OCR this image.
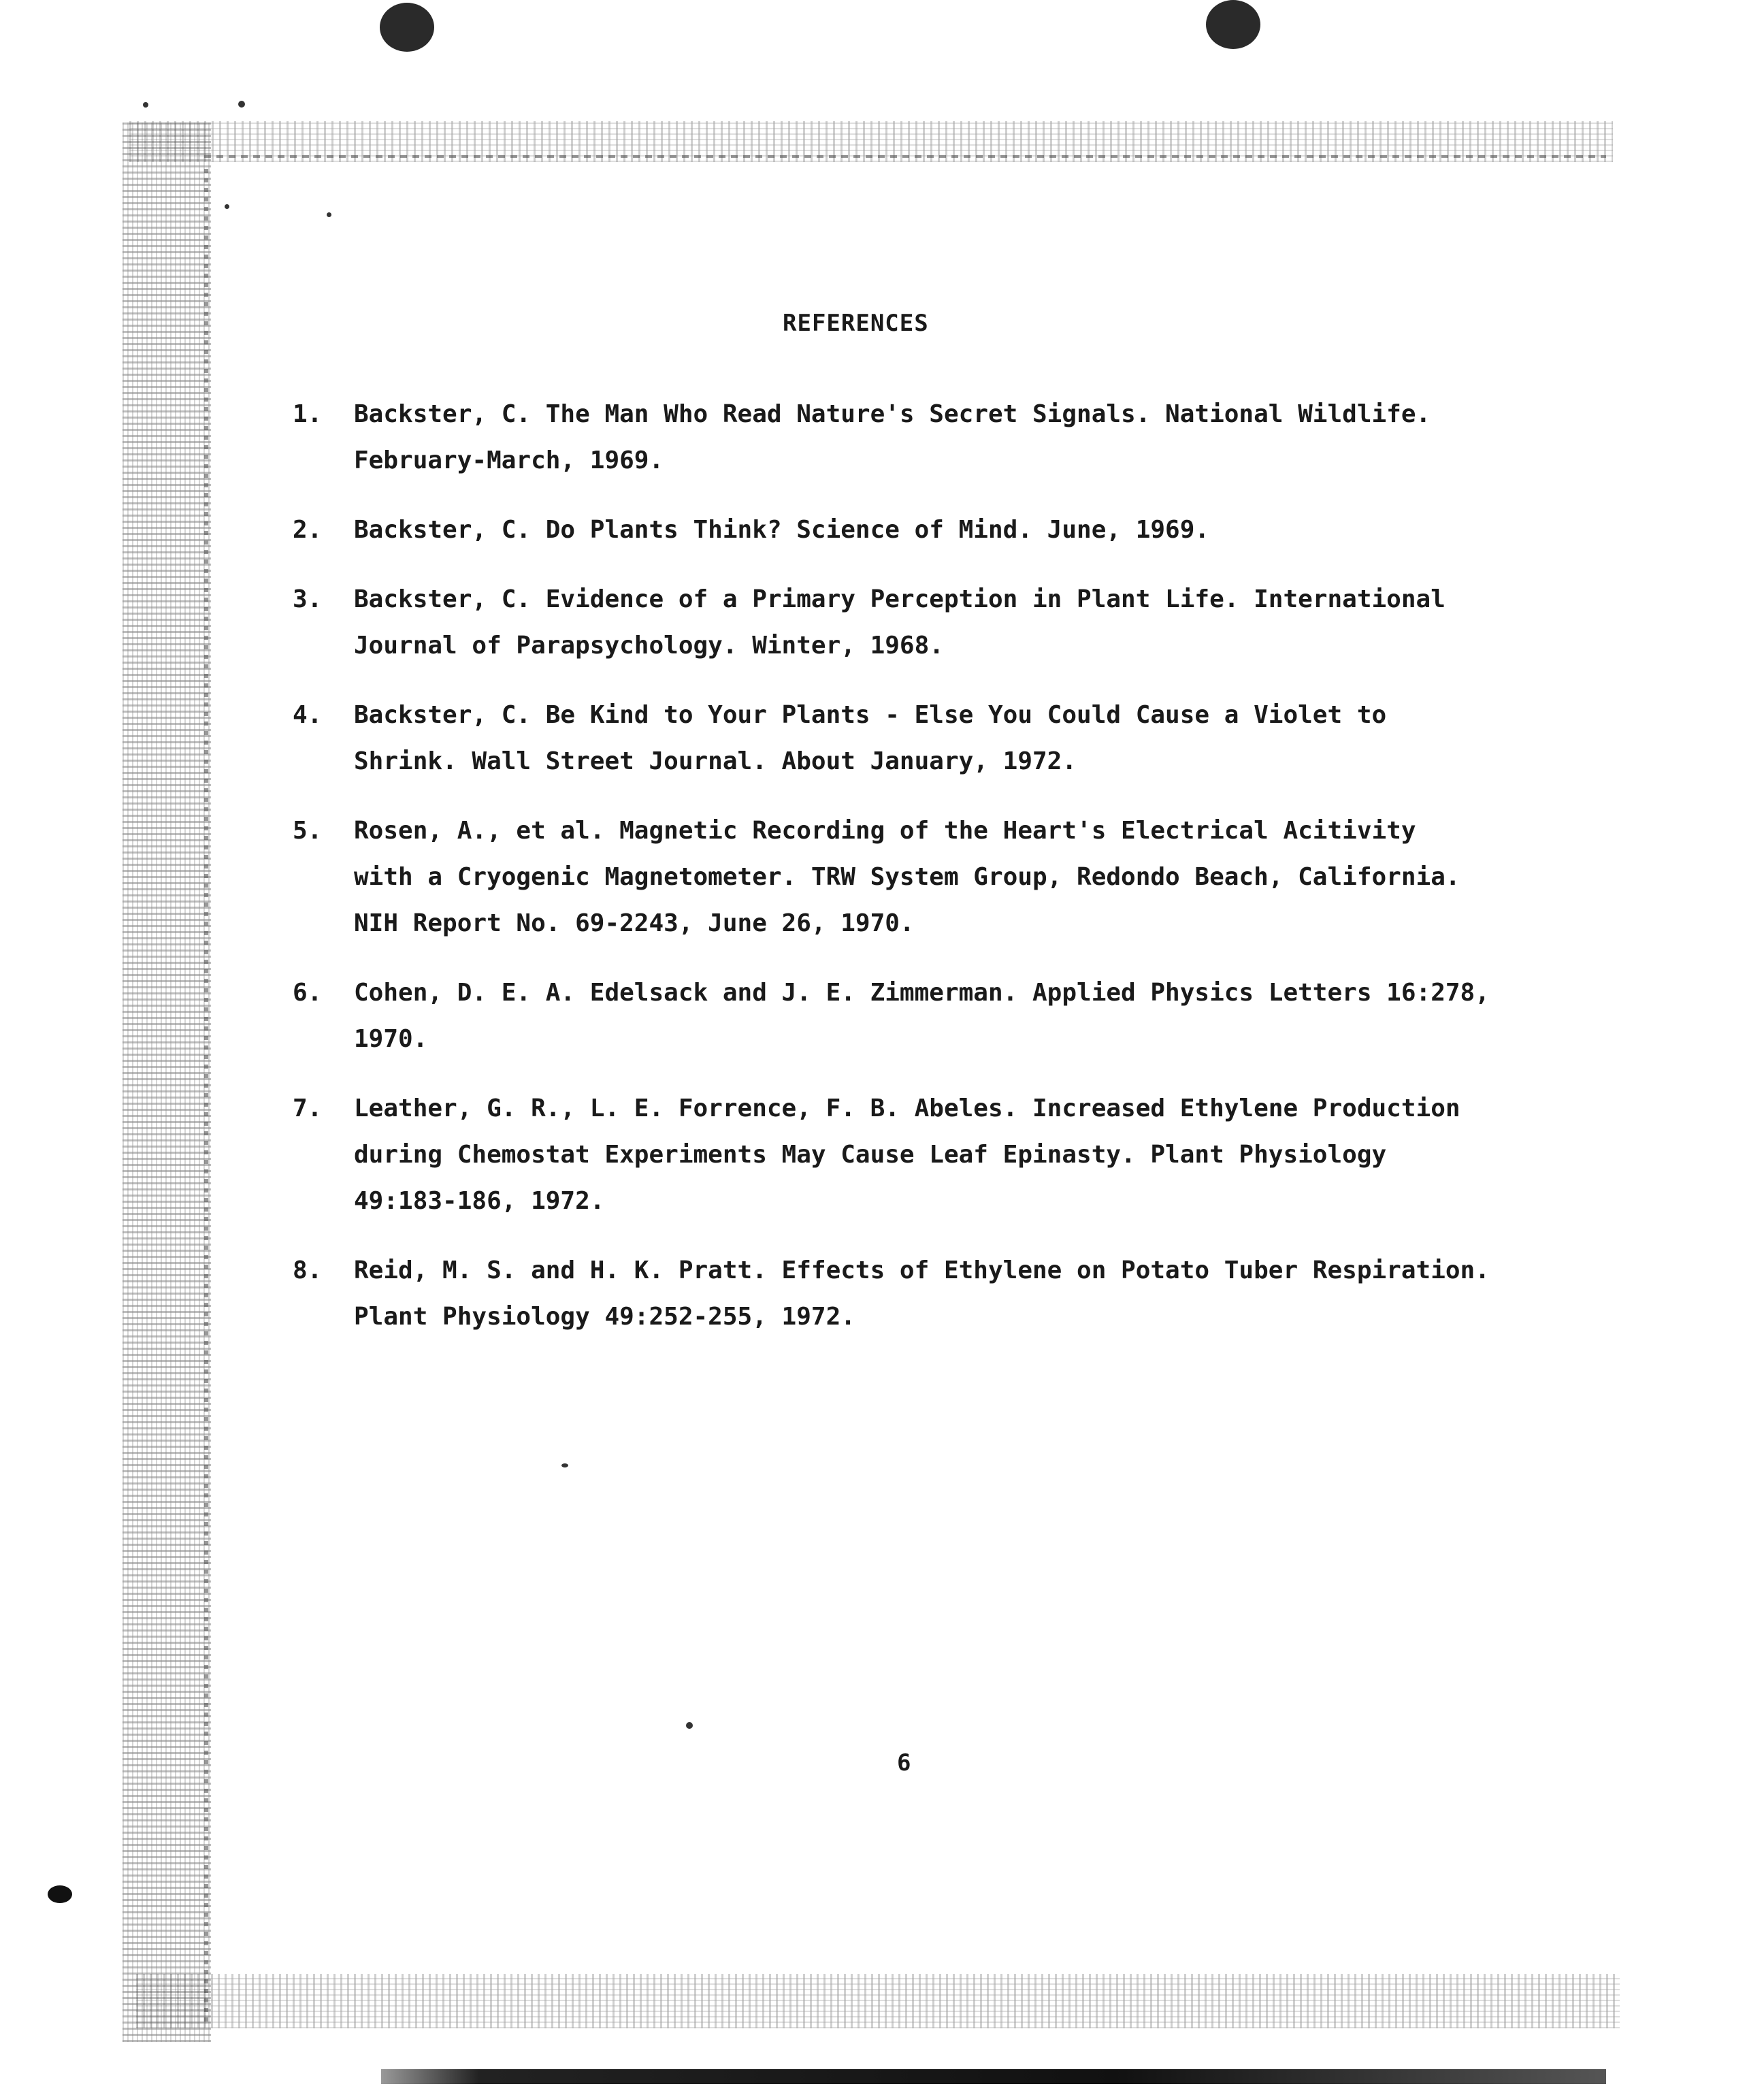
REFERENCES
1. Backster, C. The Man Who Read Nature's Secret Signals. National Wildlife.
February-March, 1969.
2. Backster, C. Do Plants Think? Science of Mind. June, 1969.
3. Backster, C. Evidence of a Primary Perception in Plant Life. International
Journal of Parapsychology. Winter, 1968.
4. Backster, C. Be Kind to Your Plants - Else You Could Cause a Violet to
Shrink. Wall Street Journal. About January, 1972.
5. Rosen, A., et al. Magnetic Recording of the Heart's Electrical Acitivity
with a Cryogenic Magnetometer. TRW System Group, Redondo Beach, California.
NIH Report No. 69-2243, June 26, 1970.
6. Cohen, D. E. A. Edelsack and J. E. Zimmerman. Applied Physics Letters 16:278,
1970.
7. Leather, G. R., L. E. Forrence, F. B. Abeles. Increased Ethylene Production
during Chemostat Experiments May Cause Leaf Epinasty. Plant Physiology
49:183-186, 1972.
8. Reid, M. S. and H. K. Pratt. Effects of Ethylene on Potato Tuber Respiration.
Plant Physiology 49:252-255, 1972.
6
